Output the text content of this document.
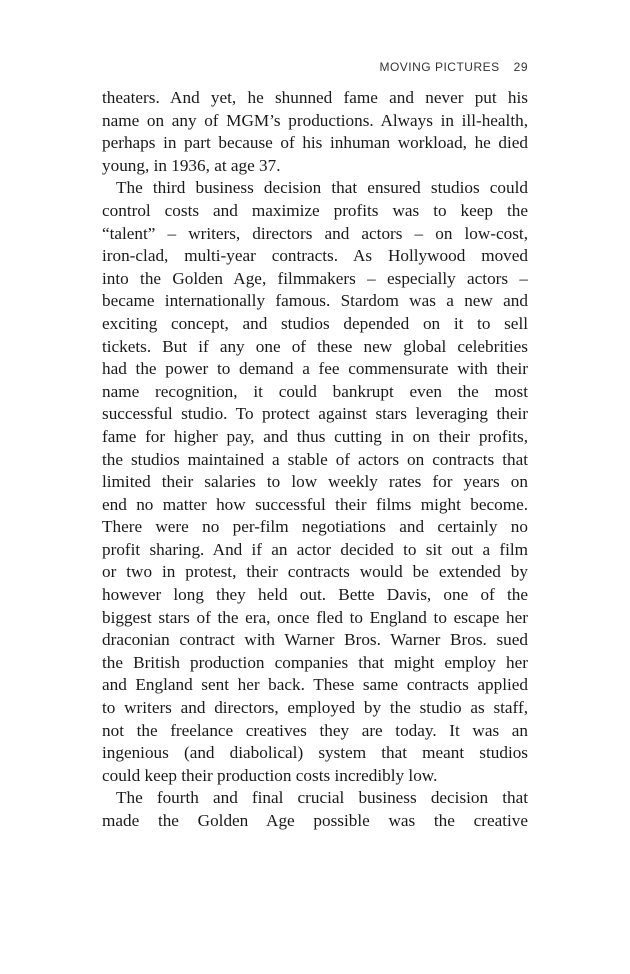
MOVING PICTURES 29
theaters. And yet, he shunned fame and never put his
name on any of MGM’s productions. Always in ill-health,
perhaps in part because of his inhuman workload, he died
young, in 1936, at age 37.
The third business decision that ensured studios could
control costs and maximize profits was to keep the
“talent” – writers, directors and actors – on low-cost,
iron-clad, multi-year contracts. As Hollywood moved
into the Golden Age, filmmakers – especially actors –
became internationally famous. Stardom was a new and
exciting concept, and studios depended on it to sell
tickets. But if any one of these new global celebrities
had the power to demand a fee commensurate with their
name recognition, it could bankrupt even the most
successful studio. To protect against stars leveraging their
fame for higher pay, and thus cutting in on their profits,
the studios maintained a stable of actors on contracts that
limited their salaries to low weekly rates for years on
end no matter how successful their films might become.
There were no per-film negotiations and certainly no
profit sharing. And if an actor decided to sit out a film
or two in protest, their contracts would be extended by
however long they held out. Bette Davis, one of the
biggest stars of the era, once fled to England to escape her
draconian contract with Warner Bros. Warner Bros. sued
the British production companies that might employ her
and England sent her back. These same contracts applied
to writers and directors, employed by the studio as staff,
not the freelance creatives they are today. It was an
ingenious (and diabolical) system that meant studios
could keep their production costs incredibly low.
The fourth and final crucial business decision that
made the Golden Age possible was the creative
